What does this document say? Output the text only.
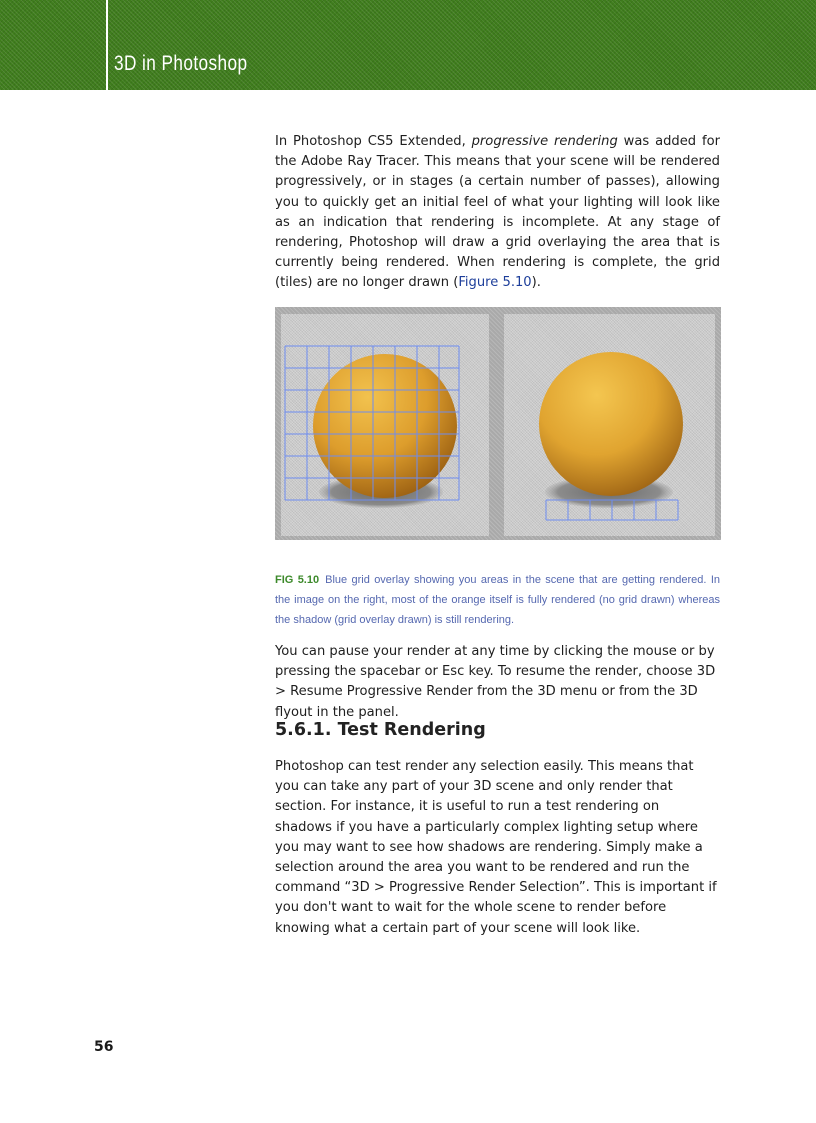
3D in Photoshop

In Photoshop CS5 Extended, progressive rendering was added for the Adobe Ray Tracer. This means that your scene will be rendered progressively, or in stages (a certain number of passes), allowing you to quickly get an initial feel of what your lighting will look like as an indication that rendering is incomplete. At any stage of rendering, Photoshop will draw a grid overlaying the area that is currently being rendered. When rendering is complete, the grid (tiles) are no longer drawn (Figure 5.10).

FIG 5.10 Blue grid overlay showing you areas in the scene that are getting rendered. In the image on the right, most of the orange itself is fully rendered (no grid drawn) whereas the shadow (grid overlay drawn) is still rendering.

You can pause your render at any time by clicking the mouse or by pressing the spacebar or Esc key. To resume the render, choose 3D > Resume Progressive Render from the 3D menu or from the 3D flyout in the panel.

5.6.1. Test Rendering

Photoshop can test render any selection easily. This means that you can take any part of your 3D scene and only render that section. For instance, it is useful to run a test rendering on shadows if you have a particularly complex lighting setup where you may want to see how shadows are rendering. Simply make a selection around the area you want to be rendered and run the command “3D > Progressive Render Selection”. This is important if you don't want to wait for the whole scene to render before knowing what a certain part of your scene will look like.

56
